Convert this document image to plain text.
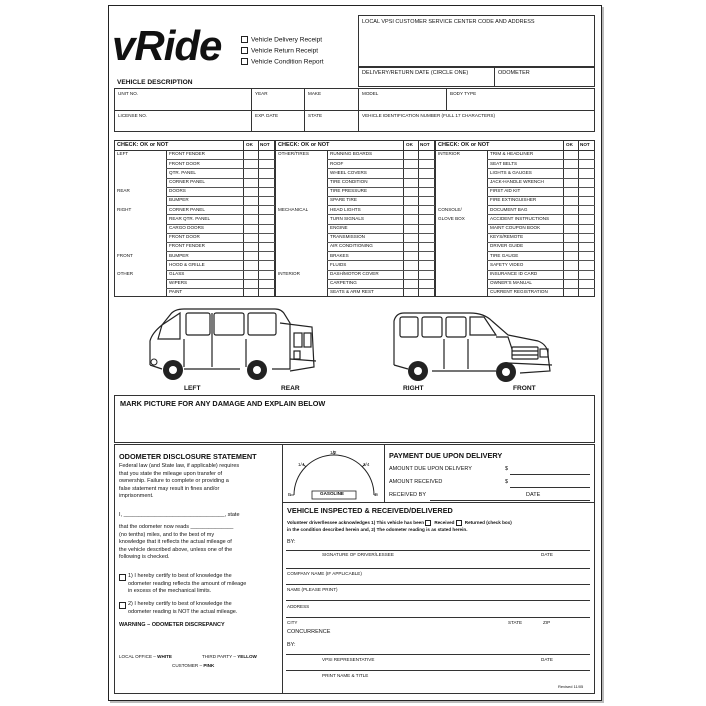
vRide	Vehicle Delivery Receipt
Vehicle Return Receipt
Vehicle Condition Report
LOCAL VPSI CUSTOMER SERVICE CENTER CODE AND ADDRESS
DELIVERY/RETURN DATE (CIRCLE ONE)	ODOMETER
VEHICLE DESCRIPTION
UNIT NO.	YEAR	MAKE	MODEL	BODY TYPE
LICENSE NO.	EXP. DATE	STATE	VEHICLE IDENTIFICATION NUMBER (FULL 17 CHARACTERS)
CHECK: OK or NOT	OK NOT
LEFT	FRONT FENDER
FRONT DOOR
QTR. PANEL
CORNER PANEL
REAR	DOORS
BUMPER
RIGHT	CORNER PANEL
REAR QTR. PANEL
CARGO DOORS
FRONT DOOR
FRONT FENDER
FRONT	BUMPER
HOOD & GRILLE
OTHER	GLASS
WIPERS
PAINT
CHECK: OK or NOT	OK NOT
OTHER/TIRES	RUNNING BOARDS
ROOF
WHEEL COVERS
TIRE CONDITION
TIRE PRESSURE
SPARE TIRE
MECHANICAL	HEAD LIGHTS
TURN SIGNALS
ENGINE
TRANSMISSION
AIR CONDITIONING
BRAKES
FLUIDS
INTERIOR	DASH/MOTOR COVER
CARPETING
SEATS & ARM REST
CHECK: OK or NOT	OK NOT
INTERIOR	TRIM & HEADLINER
SEAT BELTS
LIGHTS & GAUGES
JACK-HANDLE WRENCH
FIRST AID KIT
FIRE EXTINGUISHER
CONSOLE/	DOCUMENT BAG
GLOVE BOX	ACCIDENT INSTRUCTIONS
MAINT COUPON BOOK
KEYS/REMOTE
DRIVER GUIDE
TIRE GAUGE
SAFETY VIDEO
INSURANCE ID CARD
OWNER'S MANUAL
CURRENT REGISTRATION
LEFT	REAR	RIGHT	FRONT
MARK PICTURE FOR ANY DAMAGE AND EXPLAIN BELOW
ODOMETER DISCLOSURE STATEMENT
Federal law (and State law, if applicable) requires
that you state the mileage upon transfer of
ownership. Failure to complete or providing a
false statement may result in fines and/or
imprisonment.
I, _________________________________, state
that the odometer now reads ______________
(no tenths) miles, and to the best of my
knowledge that it reflects the actual mileage of
the vehicle described above, unless one of the
following is checked.
1) I hereby certify to best of knowledge the
odometer reading reflects the amount of mileage
in excess of the mechanical limits.
2) I hereby certify to best of knowledge the
odometer reading is NOT the actual mileage.
WARNING – ODOMETER DISCREPANCY
LOCAL OFFICE – WHITE	THIRD PARTY – YELLOW
CUSTOMER – PINK
1/4
1/2
3/4
E	F
GASOLINE
PAYMENT DUE UPON DELIVERY
AMOUNT DUE UPON DELIVERY	$
AMOUNT RECEIVED	$
RECEIVED BY	DATE
VEHICLE INSPECTED & RECEIVED/DELIVERED
Volunteer driver/lessee acknowledges 1) This vehicle has been Received Returned (check box)
in the condition described herein and, 2) The odometer reading is as stated herein.
BY:
SIGNATURE OF DRIVER/LESSEE	DATE
COMPANY NAME (IF APPLICABLE)
NAME (PLEASE PRINT)
ADDRESS
CITY	STATE	ZIP
CONCURRENCE
BY:
VPSI REPRESENTATIVE	DATE
PRINT NAME & TITLE
Revised 11/05
